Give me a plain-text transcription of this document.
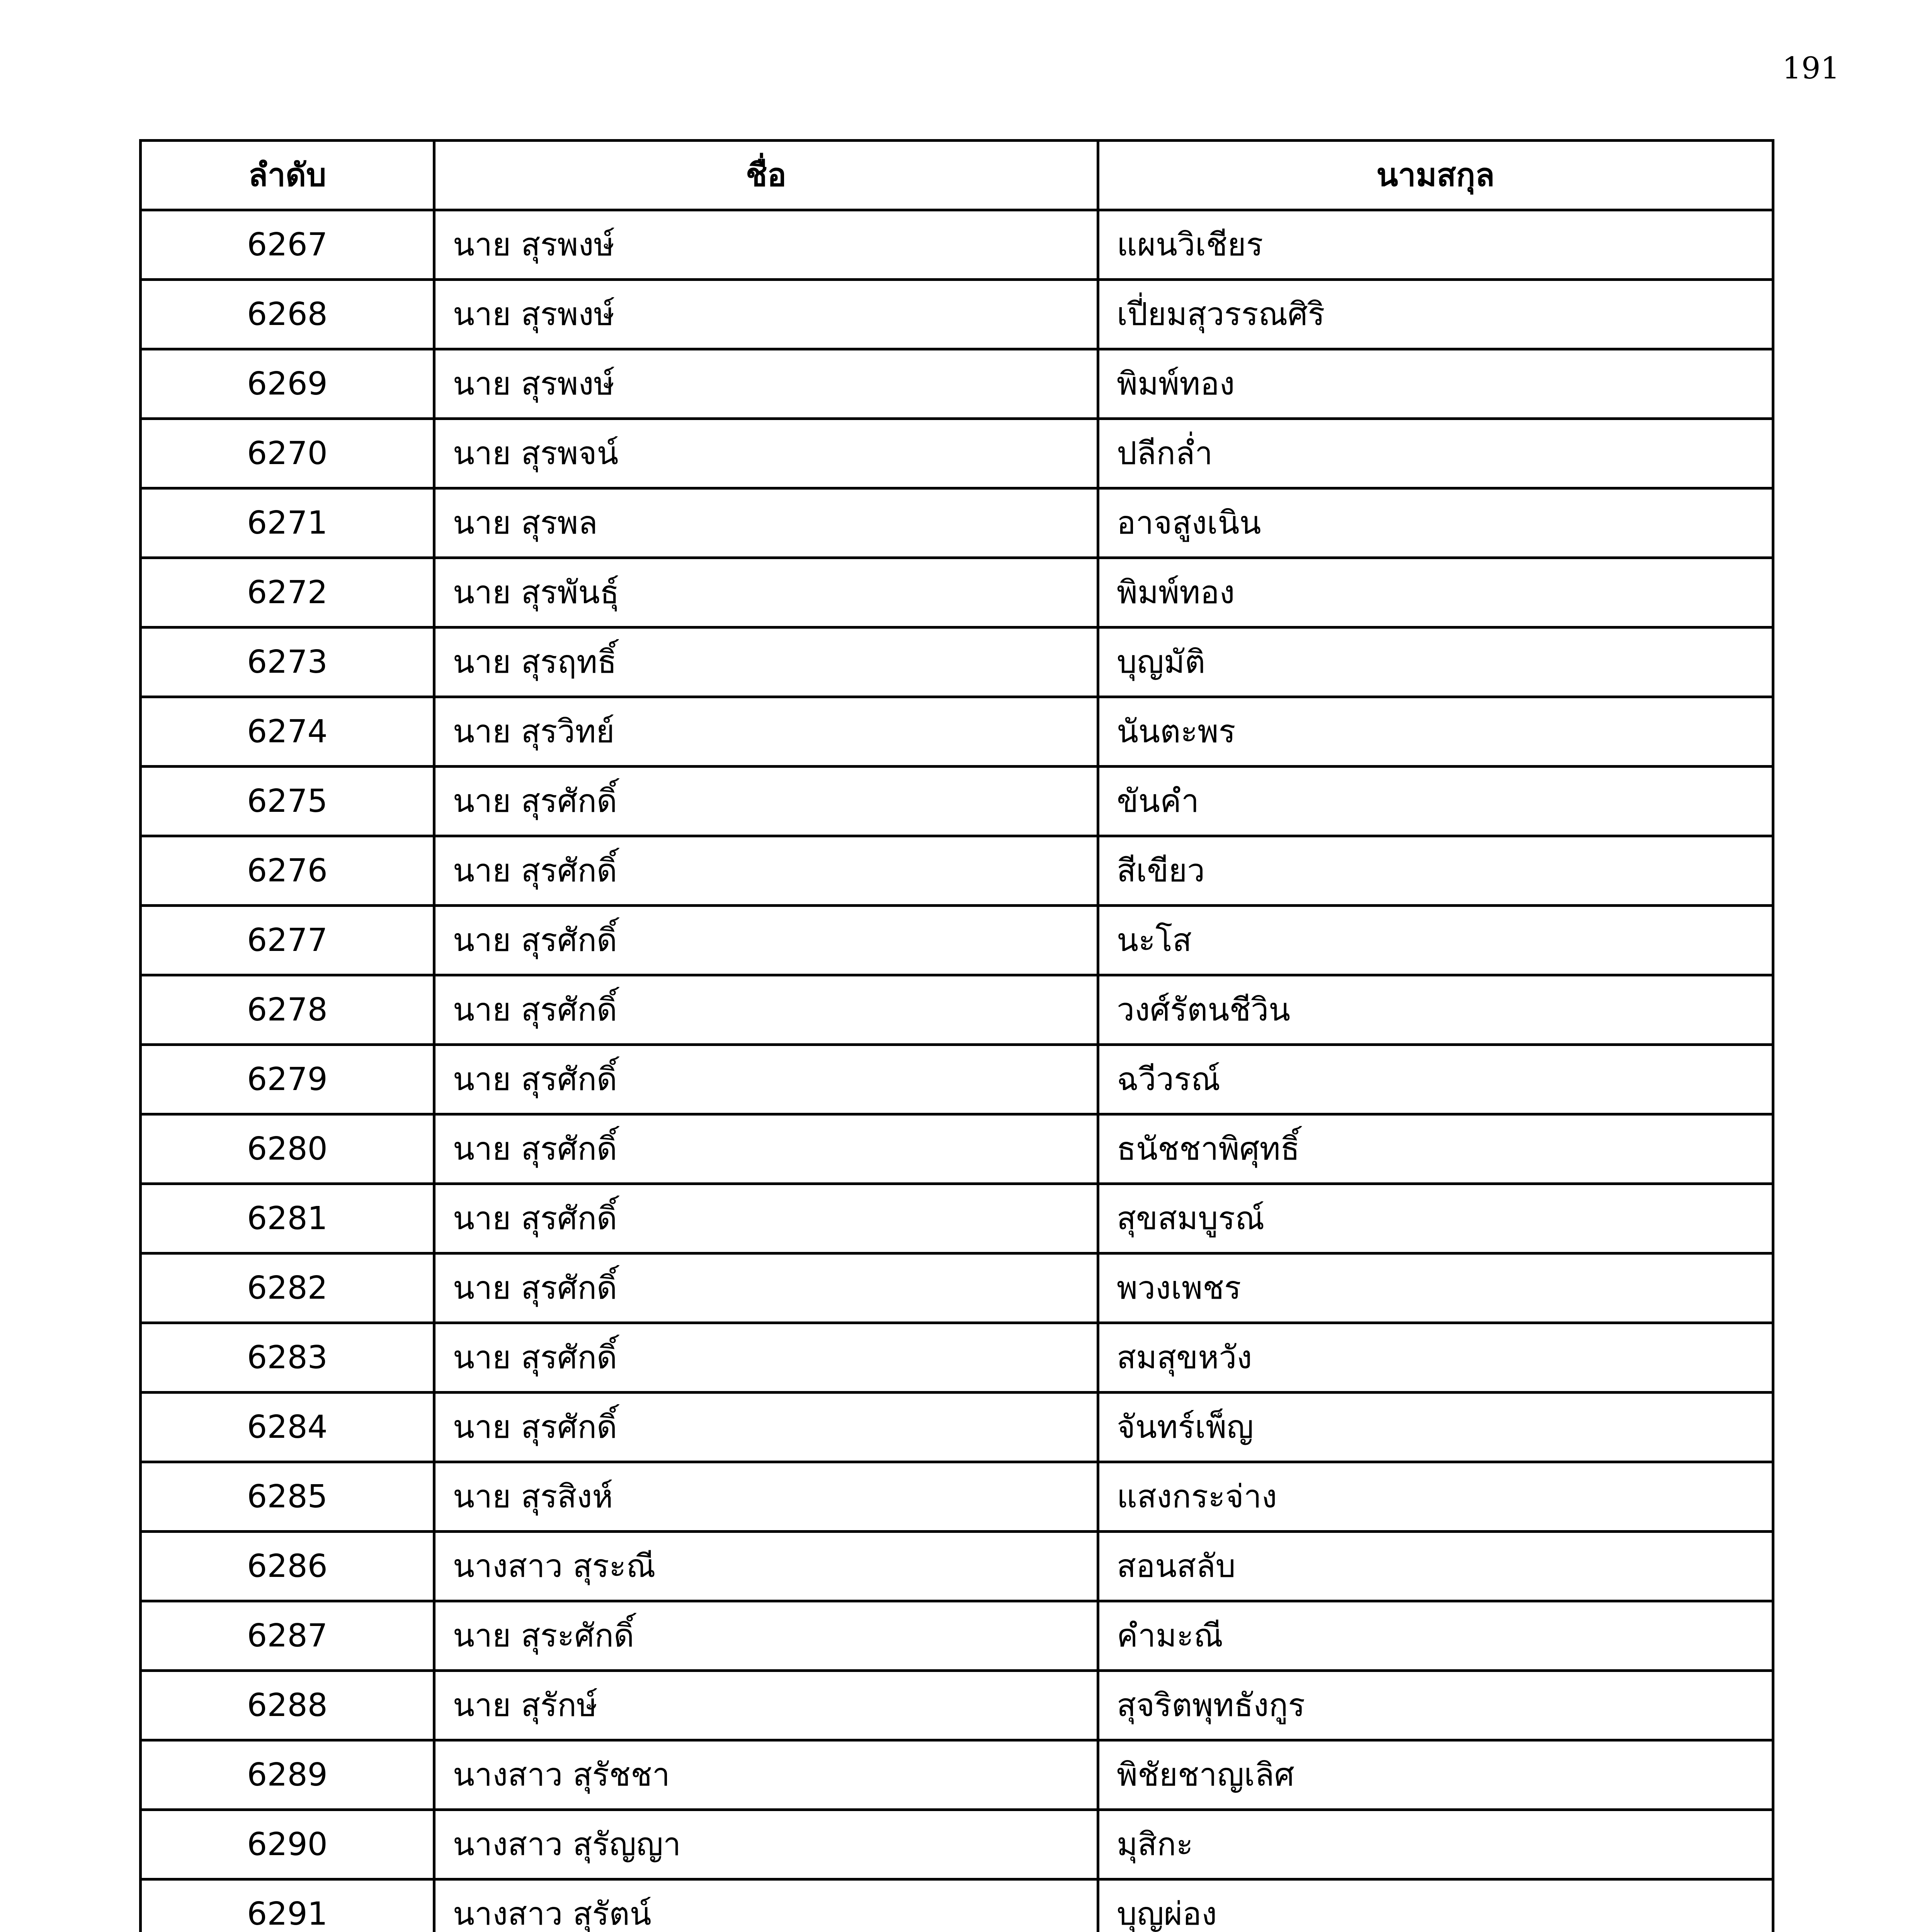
191
ลำดับ	ชื่อ	นามสกุล
6267	นาย สุรพงษ์	แผนวิเชียร
6268	นาย สุรพงษ์	เปี่ยมสุวรรณศิริ
6269	นาย สุรพงษ์	พิมพ์ทอง
6270	นาย สุรพจน์	ปลีกล่ำ
6271	นาย สุรพล	อาจสูงเนิน
6272	นาย สุรพันธุ์	พิมพ์ทอง
6273	นาย สุรฤทธิ์	บุญมัติ
6274	นาย สุรวิทย์	นันตะพร
6275	นาย สุรศักดิ์	ขันคำ
6276	นาย สุรศักดิ์	สีเขียว
6277	นาย สุรศักดิ์	นะโส
6278	นาย สุรศักดิ์	วงศ์รัตนชีวิน
6279	นาย สุรศักดิ์	ฉวีวรณ์
6280	นาย สุรศักดิ์	ธนัชชาพิศุทธิ์
6281	นาย สุรศักดิ์	สุขสมบูรณ์
6282	นาย สุรศักดิ์	พวงเพชร
6283	นาย สุรศักดิ์	สมสุขหวัง
6284	นาย สุรศักดิ์	จันทร์เพ็ญ
6285	นาย สุรสิงห์	แสงกระจ่าง
6286	นางสาว สุระณี	สอนสลับ
6287	นาย สุระศักดิ์	คำมะณี
6288	นาย สุรักษ์	สุจริตพุทธังกูร
6289	นางสาว สุรัชชา	พิชัยชาญเลิศ
6290	นางสาว สุรัญญา	มุสิกะ
6291	นางสาว สุรัตน์	บุญผ่อง
